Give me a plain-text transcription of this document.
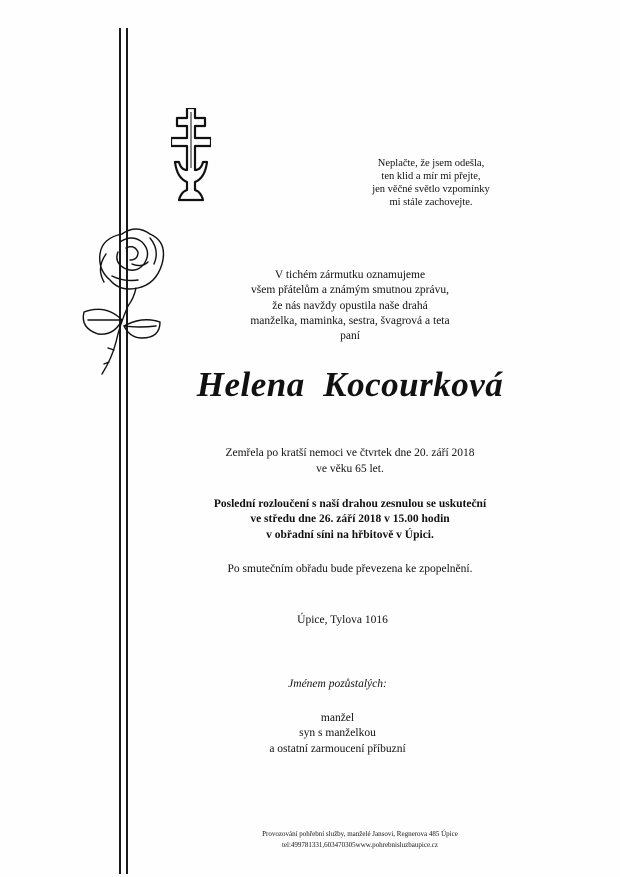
Neplačte, že jsem odešla,
ten klid a mír mi přejte,
jen věčné světlo vzpomínky
mi stále zachovejte.
V tichém zármutku oznamujeme
všem přátelům a známým smutnou zprávu,
že nás navždy opustila naše drahá
manželka, maminka, sestra, švagrová a teta
paní
Helena  Kocourková
Zemřela po kratší nemoci ve čtvrtek dne 20. září 2018
ve věku 65 let.
Poslední rozloučení s naší drahou zesnulou se uskuteční
ve středu dne 26. září 2018 v 15.00 hodin
v obřadní síni na hřbitově v Úpici.
Po smutečním obřadu bude převezena ke zpopelnění.
Úpice, Tylova 1016
Jménem pozůstalých:
manžel
syn s manželkou
a ostatní zarmoucení příbuzní
Provozování pohřební služby, manželé Jansovi, Regnerova 485 Úpice
tel:499781331,603470305www.pohrebnisluzbaupice.cz
